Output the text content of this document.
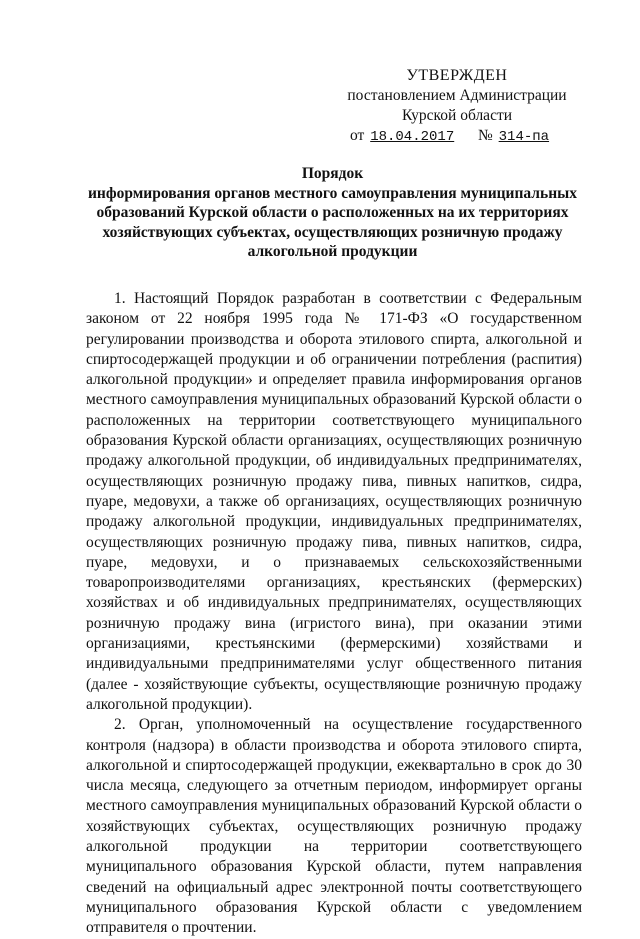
УТВЕРЖДЕН
постановлением Администрации
Курской области
от 18.04.2017 № 314-па
Порядок
информирования органов местного самоуправления муниципальных образований Курской области о расположенных на их территориях хозяйствующих субъектах, осуществляющих розничную продажу алкогольной продукции

1. Настоящий Порядок разработан в соответствии с Федеральным законом от 22 ноября 1995 года № 171-ФЗ «О государственном регулировании производства и оборота этилового спирта, алкогольной и спиртосодержащей продукции и об ограничении потребления (распития) алкогольной продукции» и определяет правила информирования органов местного самоуправления муниципальных образований Курской области о расположенных на территории соответствующего муниципального образования Курской области организациях, осуществляющих розничную продажу алкогольной продукции, об индивидуальных предпринимателях, осуществляющих розничную продажу пива, пивных напитков, сидра, пуаре, медовухи, а также об организациях, осуществляющих розничную продажу алкогольной продукции, индивидуальных предпринимателях, осуществляющих розничную продажу пива, пивных напитков, сидра, пуаре, медовухи, и о признаваемых сельскохозяйственными товаропроизводителями организациях, крестьянских (фермерских) хозяйствах и об индивидуальных предпринимателях, осуществляющих розничную продажу вина (игристого вина), при оказании этими организациями, крестьянскими (фермерскими) хозяйствами и индивидуальными предпринимателями услуг общественного питания (далее - хозяйствующие субъекты, осуществляющие розничную продажу алкогольной продукции).

2. Орган, уполномоченный на осуществление государственного контроля (надзора) в области производства и оборота этилового спирта, алкогольной и спиртосодержащей продукции, ежеквартально в срок до 30 числа месяца, следующего за отчетным периодом, информирует органы местного самоуправления муниципальных образований Курской области о хозяйствующих субъектах, осуществляющих розничную продажу алкогольной продукции на территории соответствующего муниципального образования Курской области, путем направления сведений на официальный адрес электронной почты соответствующего муниципального образования Курской области с уведомлением отправителя о прочтении.
